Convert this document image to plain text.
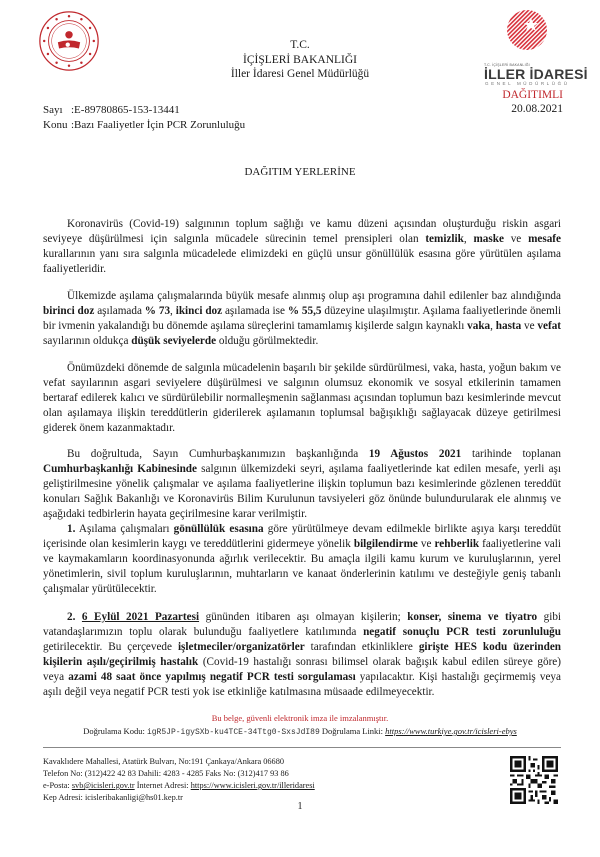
T.C.
İÇİŞLERİ BAKANLIĞI
İller İdaresi Genel Müdürlüğü
T.C. İÇİŞLERİ BAKANLIĞI
İLLER İDARESİ
GENEL MÜDÜRLÜĞÜ
DAĞITIMLI
20.08.2021
Sayı :E-89780865-153-13441
Konu :Bazı Faaliyetler İçin PCR Zorunluluğu
DAĞITIM YERLERİNE
Koronavirüs (Covid-19) salgınının toplum sağlığı ve kamu düzeni açısından oluşturduğu riskin asgari seviyeye düşürülmesi için salgınla mücadele sürecinin temel prensipleri olan temizlik, maske ve mesafe kurallarının yanı sıra salgınla mücadelede elimizdeki en güçlü unsur gönüllülük esasına göre yürütülen aşılama faaliyetleridir.
Ülkemizde aşılama çalışmalarında büyük mesafe alınmış olup aşı programına dahil edilenler baz alındığında birinci doz aşılamada % 73, ikinci doz aşılamada ise % 55,5 düzeyine ulaşılmıştır. Aşılama faaliyetlerinde önemli bir ivmenin yakalandığı bu dönemde aşılama süreçlerini tamamlamış kişilerde salgın kaynaklı vaka, hasta ve vefat sayılarının oldukça düşük seviyelerde olduğu görülmektedir.
Önümüzdeki dönemde de salgınla mücadelenin başarılı bir şekilde sürdürülmesi, vaka, hasta, yoğun bakım ve vefat sayılarının asgari seviyelere düşürülmesi ve salgının olumsuz ekonomik ve sosyal etkilerinin tamamen bertaraf edilerek kalıcı ve sürdürülebilir normalleşmenin sağlanması açısından toplumun bazı kesimlerinde mevcut olan aşılamaya ilişkin tereddütlerin giderilerek aşılamanın toplumsal bağışıklığı sağlayacak düzeye getirilmesi giderek önem kazanmaktadır.
Bu doğrultuda, Sayın Cumhurbaşkanımızın başkanlığında 19 Ağustos 2021 tarihinde toplanan Cumhurbaşkanlığı Kabinesinde salgının ülkemizdeki seyri, aşılama faaliyetlerinde kat edilen mesafe, yerli aşı geliştirilmesine yönelik çalışmalar ve aşılama faaliyetlerine ilişkin toplumun bazı kesimlerinde gözlenen tereddüt konuları Sağlık Bakanlığı ve Koronavirüs Bilim Kurulunun tavsiyeleri göz önünde bulundurularak ele alınmış ve aşağıdaki tedbirlerin hayata geçirilmesine karar verilmiştir.
1. Aşılama çalışmaları gönüllülük esasına göre yürütülmeye devam edilmekle birlikte aşıya karşı tereddüt içerisinde olan kesimlerin kaygı ve tereddütlerini gidermeye yönelik bilgilendirme ve rehberlik faaliyetlerine vali ve kaymakamların koordinasyonunda ağırlık verilecektir. Bu amaçla ilgili kamu kurum ve kuruluşlarının, yerel yönetimlerin, sivil toplum kuruluşlarının, muhtarların ve kanaat önderlerinin katılımı ve desteğiyle geniş tabanlı çalışmalar yürütülecektir.
2. 6 Eylül 2021 Pazartesi gününden itibaren aşı olmayan kişilerin; konser, sinema ve tiyatro gibi vatandaşlarımızın toplu olarak bulunduğu faaliyetlere katılımında negatif sonuçlu PCR testi zorunluluğu getirilecektir. Bu çerçevede işletmeciler/organizatörler tarafından etkinliklere girişte HES kodu üzerinden kişilerin aşılı/geçirilmiş hastalık (Covid-19 hastalığı sonrası bilimsel olarak bağışık kabul edilen süreye göre) veya azami 48 saat önce yapılmış negatif PCR testi sorgulaması yapılacaktır. Kişi hastalığı geçirmemiş veya aşılı değil veya negatif PCR testi yok ise etkinliğe katılmasına müsaade edilmeyecektir.
Bu belge, güvenli elektronik imza ile imzalanmıştır.
Doğrulama Kodu: igR5JP-igySXb-ku4TCE-34Ttg0-SxsJdI89 Doğrulama Linki: https://www.turkiye.gov.tr/icisleri-ebys
Kavaklıdere Mahallesi, Atatürk Bulvarı, No:191 Çankaya/Ankara 06680
Telefon No: (312)422 42 83 Dahili: 4283 - 4285 Faks No: (312)417 93 86
e-Posta: svb@icisleri.gov.tr İnternet Adresi: https://www.icisleri.gov.tr/illeridaresi
Kep Adresi: icisleribakanligi@hs01.kep.tr
1
